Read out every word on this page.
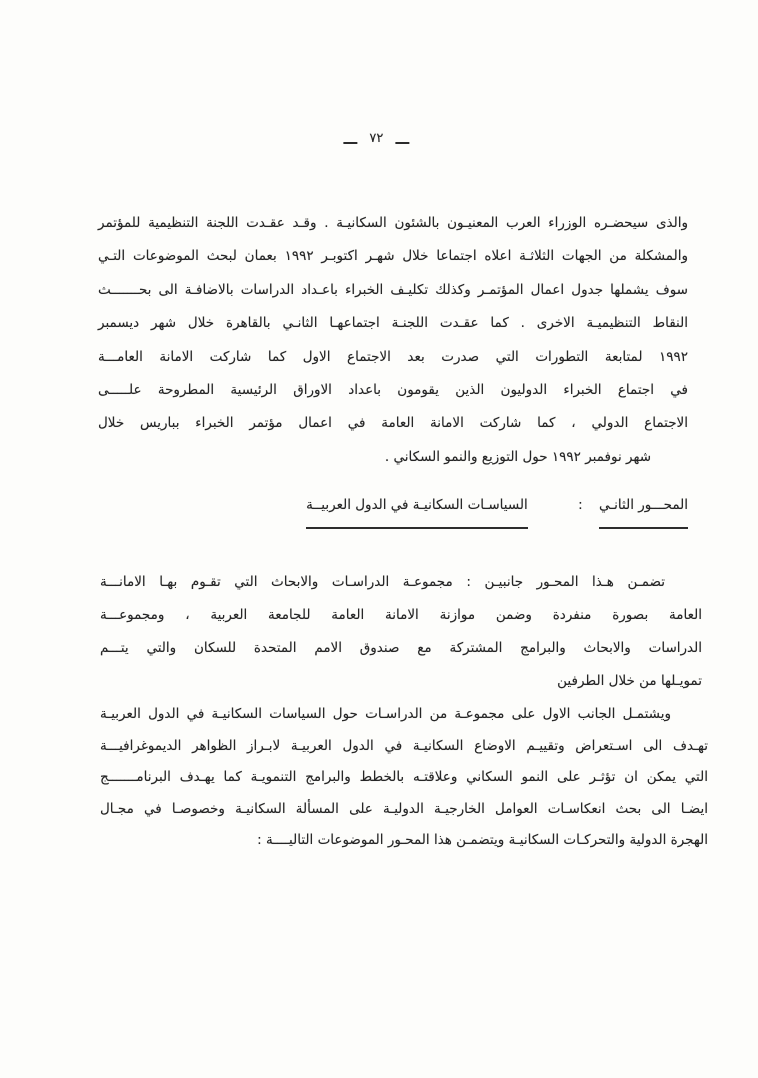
٧٢
والذى سيحضـره الوزراء العرب المعنيـون بالشئون السكانيـة . وقـد عقـدت اللجنة التنظيمية للمؤتمر
والمشكلة من الجهات الثلاثـة اعلاه اجتماعا خلال شهـر اكتوبـر ١٩٩٢ بعمان لبحث الموضوعات التـي
سوف يشملها جدول اعمال المؤتمـر وكذلك تكليـف الخبراء باعـداد الدراسات بالاضافـة الى بحـــــــث
النقاط التنظيميـة الاخرى . كما عقـدت اللجنـة اجتماعهـا الثانـي بالقاهرة خلال شهر ديسمبر
١٩٩٢ لمتابعة التطورات التي صدرت بعد الاجتماع الاول كما شاركت الامانة العامـــة
في اجتماع الخبراء الدوليون الذين يقومون باعداد الاوراق الرئيسية المطروحة علـــــى
الاجتماع الدولي ، كما شاركت الامانة العامة في اعمال مؤتمر الخبراء بباريس خلال
شهر نوفمبر ١٩٩٢ حول التوزيع والنمو السكاني .
المحـــور الثانـي : السياسـات السكانيـة في الدول العربيــة
تضمـن هـذا المحـور جانبيـن : مجموعـة الدراسـات والابحاث التي تقـوم بهـا الامانـــة
العامة بصورة منفردة وضمن موازنة الامانة العامة للجامعة العربية ، ومجموعـــة
الدراسات والابحاث والبرامج المشتركة مع صندوق الامم المتحدة للسكان والتي يتـــم
تمويـلها من خلال الطرفين
ويشتمـل الجانب الاول على مجموعـة من الدراسـات حول السياسات السكانيـة في الدول العربيـة
تهـدف الى اسـتعراض وتقييـم الاوضاع السكانيـة في الدول العربيـة لابـراز الظواهر الديموغرافيـــة
التي يمكن ان تؤثـر على النمو السكاني وعلاقتـه بالخطط والبرامج التنمويـة كما يهـدف البرنامـــــــج
ايضـا الى بحث انعكاسـات العوامل الخارجيـة الدوليـة على المسألة السكانيـة وخصوصـا في مجـال
الهجرة الدولية والتحركـات السكانيـة ويتضمـن هذا المحـور الموضوعات التاليــــة :
